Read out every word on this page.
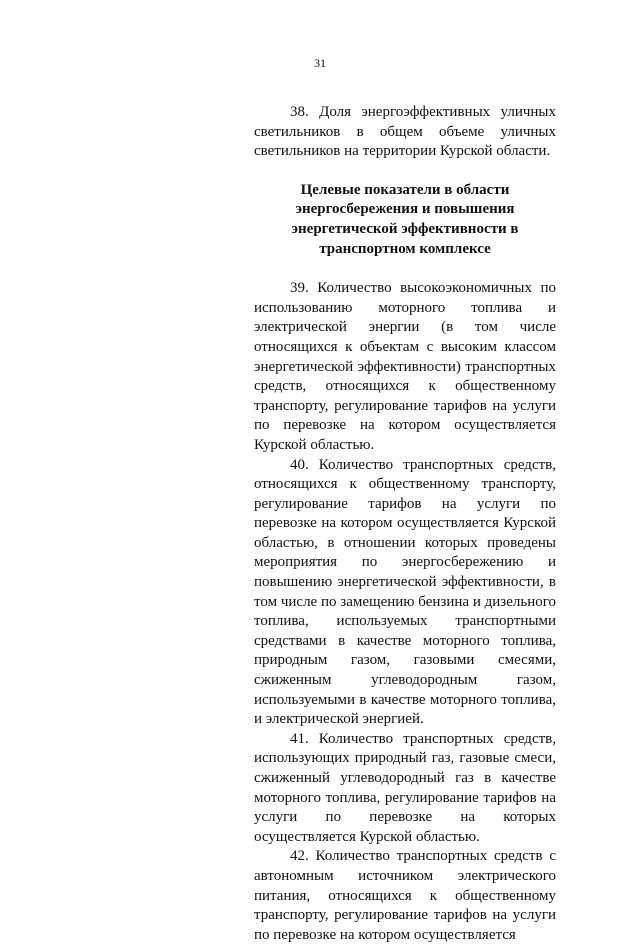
31

38. Доля энергоэффективных уличных светильников в общем объеме уличных светильников на территории Курской области.

Целевые показатели в области энергосбережения и повышения энергетической эффективности в транспортном комплексе

39. Количество высокоэкономичных по использованию моторного топлива и электрической энергии (в том числе относящихся к объектам с высоким классом энергетической эффективности) транспортных средств, относящихся к общественному транспорту, регулирование тарифов на услуги по перевозке на котором осуществляется Курской областью.

40. Количество транспортных средств, относящихся к общественному транспорту, регулирование тарифов на услуги по перевозке на котором осуществляется Курской областью, в отношении которых проведены мероприятия по энергосбережению и повышению энергетической эффективности, в том числе по замещению бензина и дизельного топлива, используемых транспортными средствами в качестве моторного топлива, природным газом, газовыми смесями, сжиженным углеводородным газом, используемыми в качестве моторного топлива, и электрической энергией.

41. Количество транспортных средств, использующих природный газ, газовые смеси, сжиженный углеводородный газ в качестве моторного топлива, регулирование тарифов на услуги по перевозке на которых осуществляется Курской областью.

42. Количество транспортных средств с автономным источником электрического питания, относящихся к общественному транспорту, регулирование тарифов на услуги по перевозке на котором осуществляется
